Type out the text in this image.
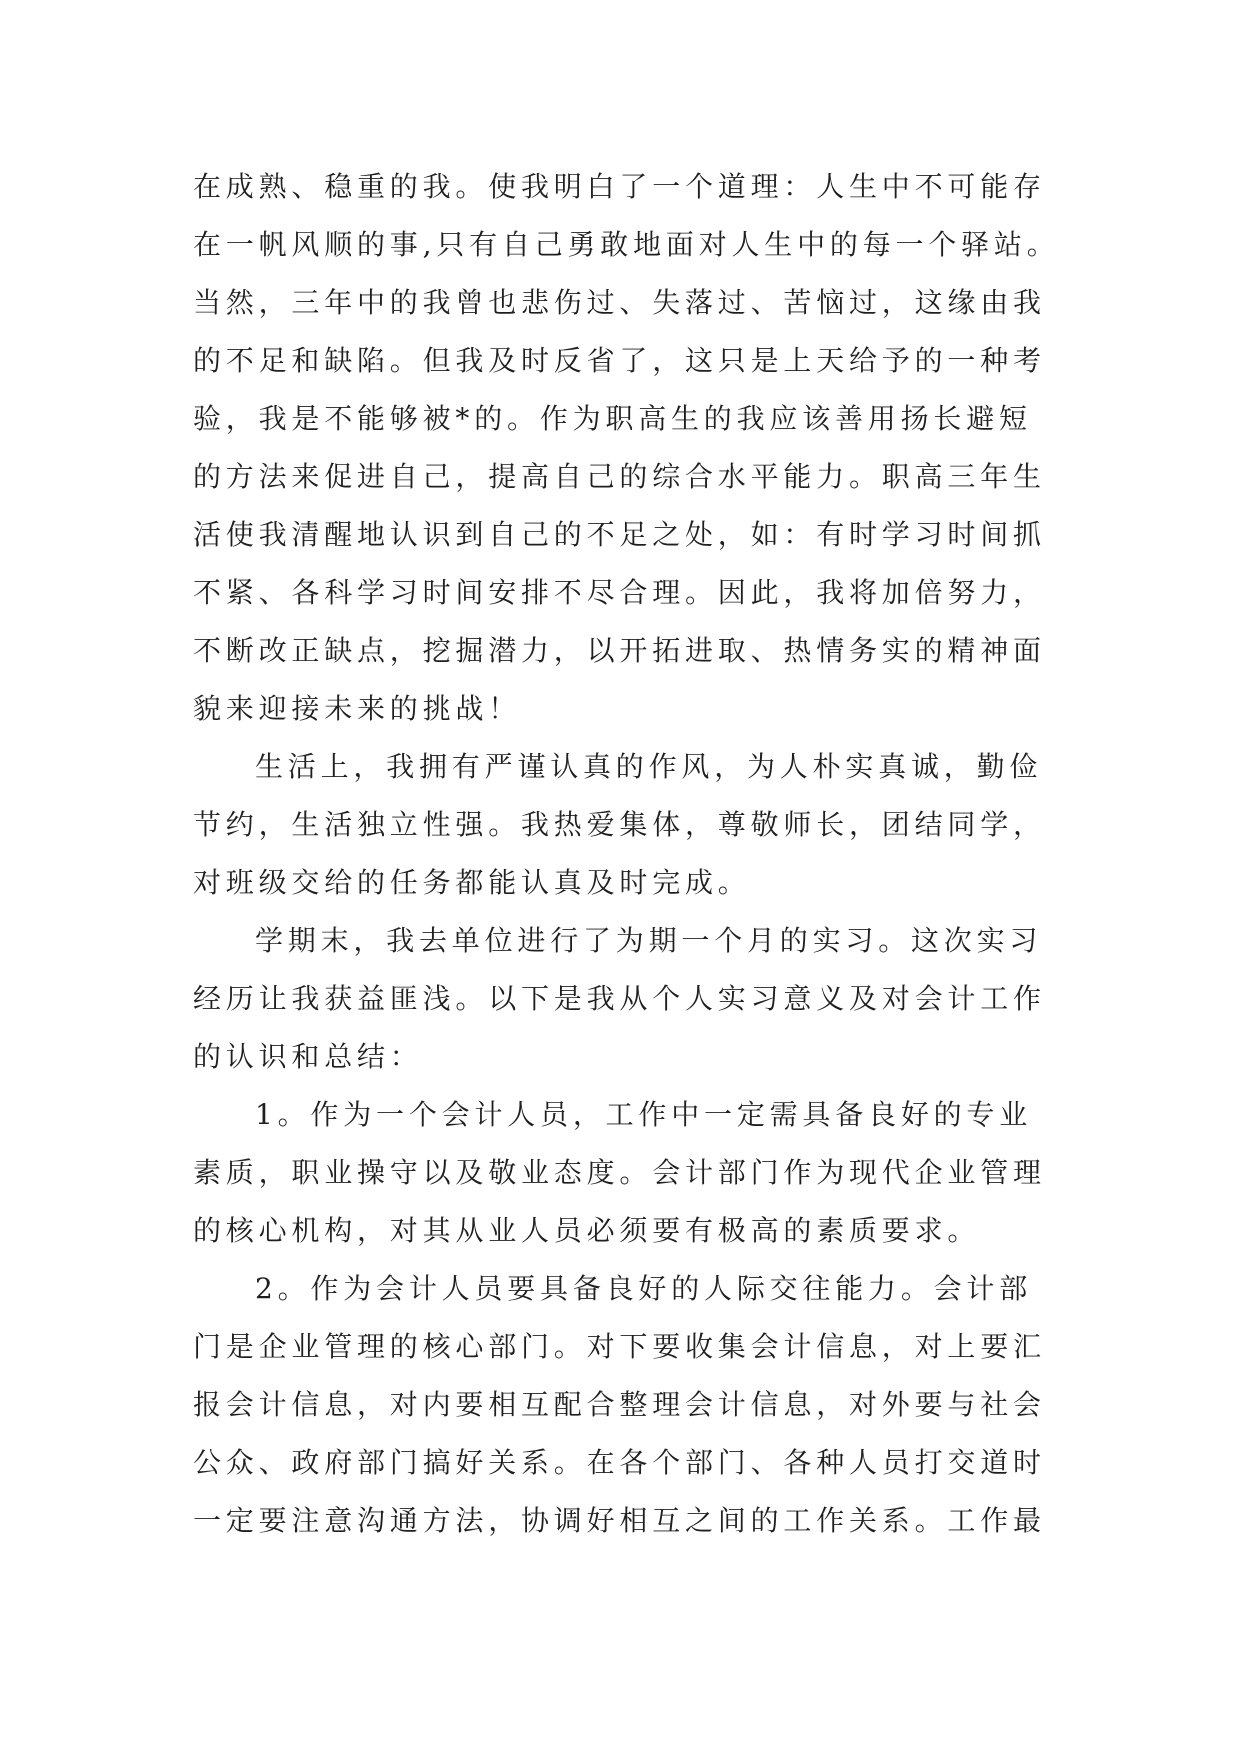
在成熟、稳重的我。使我明白了一个道理：人生中不可能存
在一帆风顺的事,只有自己勇敢地面对人生中的每一个驿站。
当然，三年中的我曾也悲伤过、失落过、苦恼过，这缘由我
的不足和缺陷。但我及时反省了，这只是上天给予的一种考
验，我是不能够被*的。作为职高生的我应该善用扬长避短
的方法来促进自己，提高自己的综合水平能力。职高三年生
活使我清醒地认识到自己的不足之处，如：有时学习时间抓
不紧、各科学习时间安排不尽合理。因此，我将加倍努力，
不断改正缺点，挖掘潜力，以开拓进取、热情务实的精神面
貌来迎接未来的挑战！
生活上，我拥有严谨认真的作风，为人朴实真诚，勤俭
节约，生活独立性强。我热爱集体，尊敬师长，团结同学，
对班级交给的任务都能认真及时完成。
学期末，我去单位进行了为期一个月的实习。这次实习
经历让我获益匪浅。以下是我从个人实习意义及对会计工作
的认识和总结：
1。作为一个会计人员，工作中一定需具备良好的专业
素质，职业操守以及敬业态度。会计部门作为现代企业管理
的核心机构，对其从业人员必须要有极高的素质要求。
2。作为会计人员要具备良好的人际交往能力。会计部
门是企业管理的核心部门。对下要收集会计信息，对上要汇
报会计信息，对内要相互配合整理会计信息，对外要与社会
公众、政府部门搞好关系。在各个部门、各种人员打交道时
一定要注意沟通方法，协调好相互之间的工作关系。工作最
